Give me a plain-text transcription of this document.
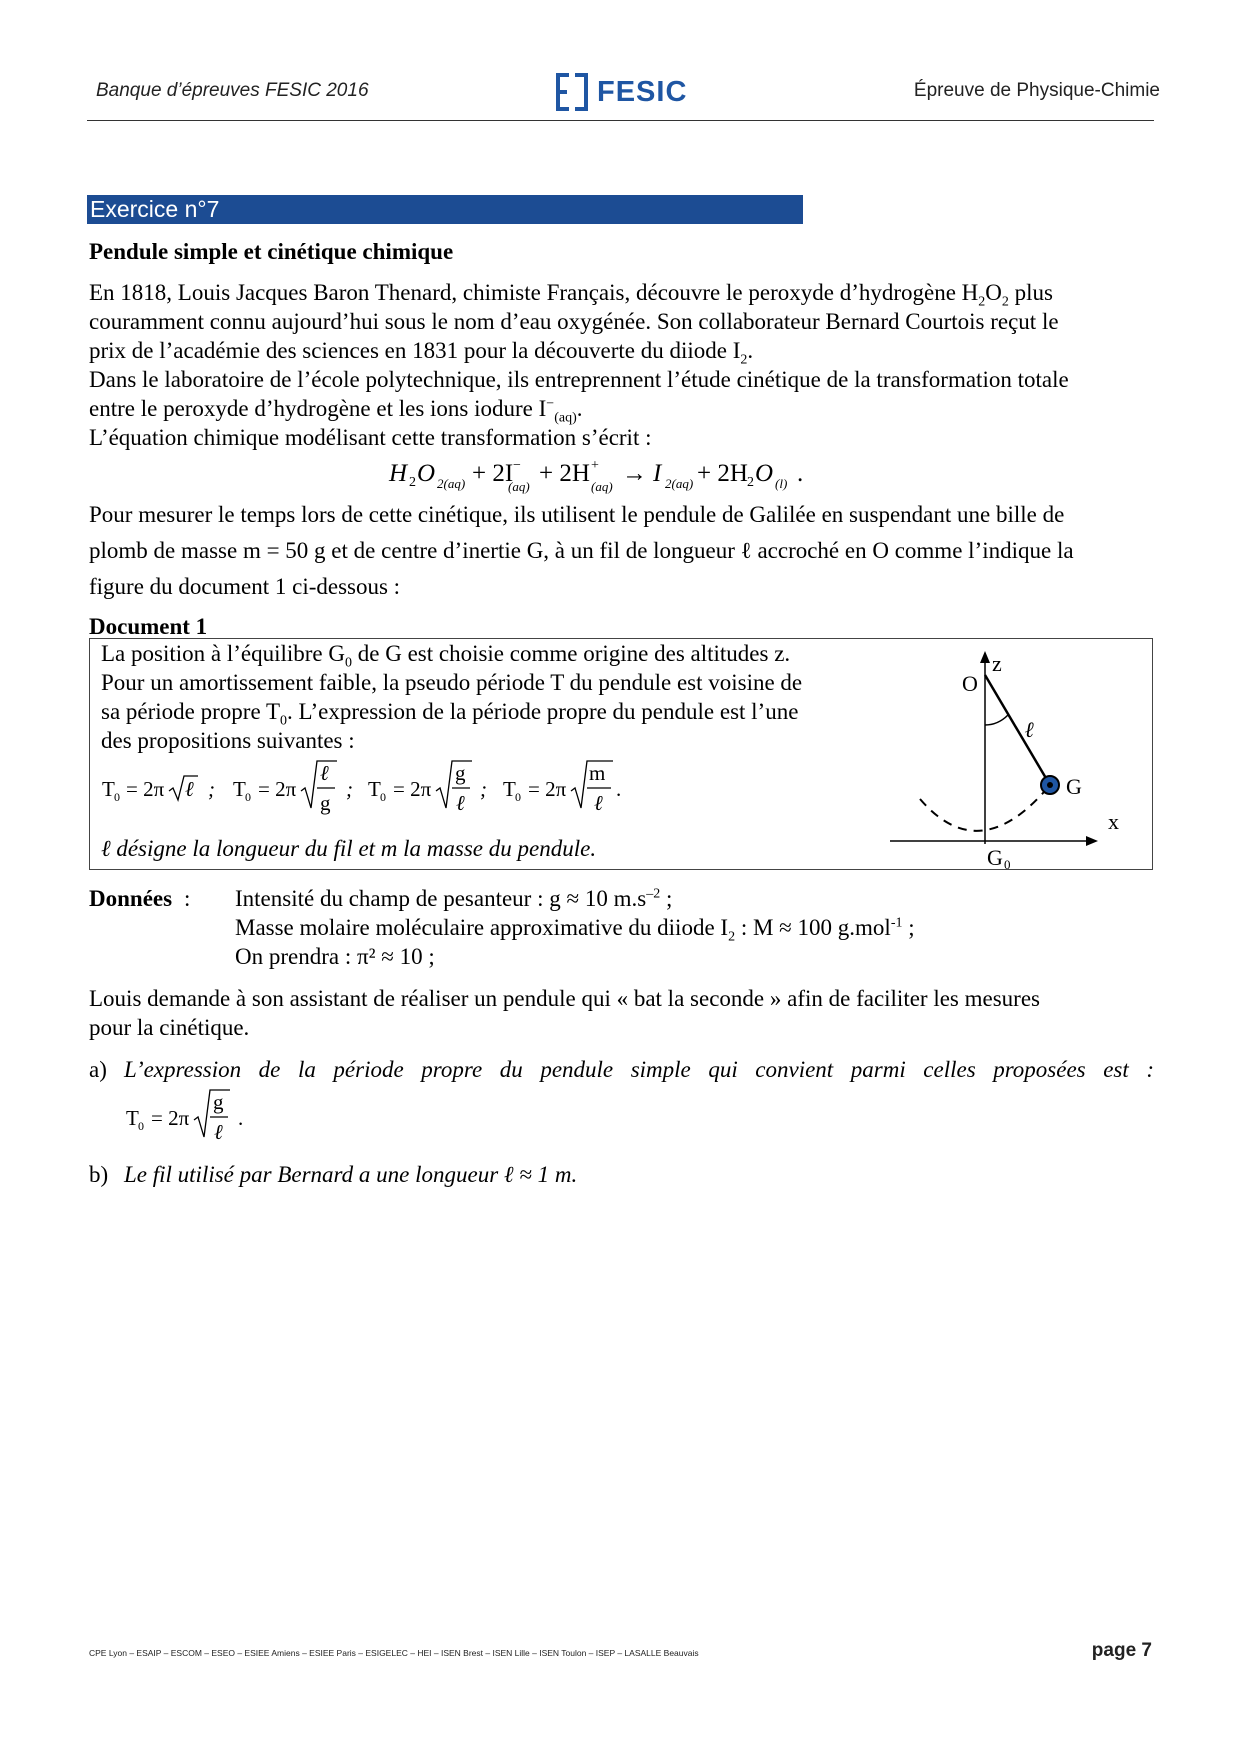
Banque d’épreuves FESIC 2016	FESIC	Épreuve de Physique-Chimie
Exercice n°7
Pendule simple et cinétique chimique
En 1818, Louis Jacques Baron Thenard, chimiste Français, découvre le peroxyde d’hydrogène $H_2O_2$ plus
couramment connu aujourd’hui sous le nom d’eau oxygénée. Son collaborateur Bernard Courtois reçut le
prix de l’académie des sciences en 1831 pour la découverte du diiode $I_2$.
Dans le laboratoire de l’école polytechnique, ils entreprennent l’étude cinétique de la transformation totale
entre le peroxyde d’hydrogène et les ions iodure $I^-_{(aq)}$.
L’équation chimique modélisant cette transformation s’écrit :
H 2 O 2(aq) + 2I −
(aq) + 2H +
(aq) → I 2(aq) + 2H 2 O (l) .
Pour mesurer le temps lors de cette cinétique, ils utilisent le pendule de Galilée en suspendant une bille de
plomb de masse m = 50 g et de centre d’inertie G, à un fil de longueur ℓ accroché en O comme l’indique la
figure du document 1 ci-dessous :
Document 1
La position à l’équilibre $G_0$ de G est choisie comme origine des altitudes z.
Pour un amortissement faible, la pseudo période T du pendule est voisine de
sa période propre $T_0$. L’expression de la période propre du pendule est l’une
des propositions suivantes :
T 0 = 2π ℓ ; T 0 = 2π
ℓ
g
; T 0 = 2π
g
ℓ
; T 0 = 2π
m
ℓ
.
ℓ désigne la longueur du fil et m la masse du pendule.
z
O
ℓ
G
x
G 0
Données : Intensité du champ de pesanteur : g ≈ 10 $m.s^{-2}$ ;
Masse molaire moléculaire approximative du diiode $I_2$ : M ≈ 100 g.mol$^{-1}$ ;
On prendra : π² ≈ 10 ;
Louis demande à son assistant de réaliser un pendule qui « bat la seconde » afin de faciliter les mesures
pour la cinétique.
a) L’expression de la période propre du pendule simple qui convient parmi celles proposées est :
T 0 = 2π
g
ℓ
.
b) Le fil utilisé par Bernard a une longueur ℓ ≈ 1 m.
CPE Lyon – ESAIP – ESCOM – ESEO – ESIEE Amiens – ESIEE Paris – ESIGELEC – HEI – ISEN Brest – ISEN Lille – ISEN Toulon – ISEP – LASALLE Beauvais	page 7
